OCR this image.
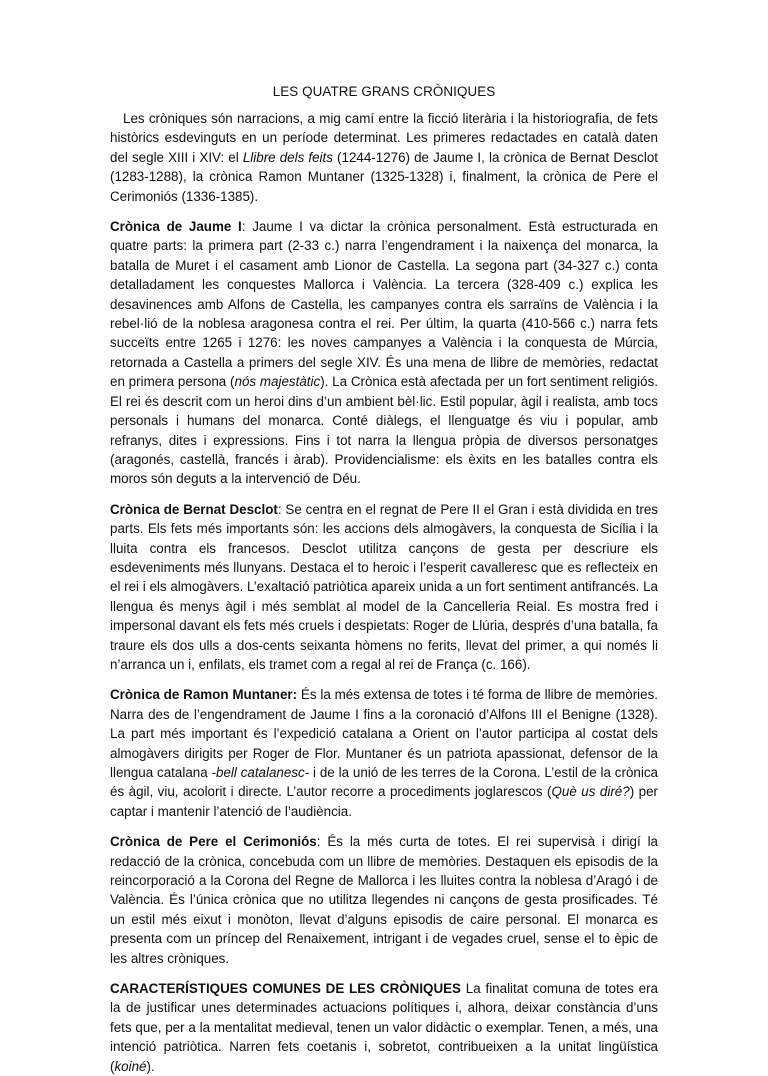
LES QUATRE GRANS CRÒNIQUES

Les cròniques són narracions, a mig camí entre la ficció literària i la historiografia, de fets històrics esdevinguts en un període determinat. Les primeres redactades en català daten del segle XIII i XIV: el Llibre dels feits (1244-1276) de Jaume I, la crònica de Bernat Desclot (1283-1288), la crònica Ramon Muntaner (1325-1328) i, finalment, la crònica de Pere el Cerimoniós (1336-1385).

Crònica de Jaume I: Jaume I va dictar la crònica personalment. Està estructurada en quatre parts: la primera part (2-33 c.) narra l’engendrament i la naixença del monarca, la batalla de Muret i el casament amb Lionor de Castella. La segona part (34-327 c.) conta detalladament les conquestes Mallorca i València. La tercera (328-409 c.) explica les desavinences amb Alfons de Castella, les campanyes contra els sarraïns de València i la rebel·lió de la noblesa aragonesa contra el rei. Per últim, la quarta (410-566 c.) narra fets succeïts entre 1265 i 1276: les noves campanyes a València i la conquesta de Múrcia, retornada a Castella a primers del segle XIV. És una mena de llibre de memòries, redactat en primera persona (nós majestàtic). La Crònica està afectada per un fort sentiment religiós. El rei és descrit com un heroi dins d’un ambient bèl·lic. Estil popular, àgil i realista, amb tocs personals i humans del monarca. Conté diàlegs, el llenguatge és viu i popular, amb refranys, dites i expressions. Fins i tot narra la llengua pròpia de diversos personatges (aragonés, castellà, francés i àrab). Providencialisme: els èxits en les batalles contra els moros són deguts a la intervenció de Déu.

Crònica de Bernat Desclot: Se centra en el regnat de Pere II el Gran i està dividida en tres parts. Els fets més importants són: les accions dels almogàvers, la conquesta de Sicília i la lluita contra els francesos. Desclot utilitza cançons de gesta per descriure els esdeveniments més llunyans. Destaca el to heroic i l’esperit cavalleresc que es reflecteix en el rei i els almogàvers. L’exaltació patriòtica apareix unida a un fort sentiment antifrancés. La llengua és menys àgil i més semblat al model de la Cancelleria Reial. Es mostra fred i impersonal davant els fets més cruels i despietats: Roger de Llúria, després d’una batalla, fa traure els dos ulls a dos-cents seixanta hòmens no ferits, llevat del primer, a qui només li n’arranca un i, enfilats, els tramet com a regal al rei de França (c. 166).

Crònica de Ramon Muntaner: És la més extensa de totes i té forma de llibre de memòries. Narra des de l’engendrament de Jaume I fins a la coronació d’Alfons III el Benigne (1328). La part més important és l’expedició catalana a Orient on l’autor participa al costat dels almogàvers dirigits per Roger de Flor. Muntaner és un patriota apassionat, defensor de la llengua catalana -bell catalanesc- i de la unió de les terres de la Corona. L’estil de la crònica és àgil, viu, acolorit i directe. L’autor recorre a procediments joglarescos (Què us diré?) per captar i mantenir l’atenció de l’audiència.

Crònica de Pere el Cerimoniós: És la més curta de totes. El rei supervisà i dirigí la redacció de la crònica, concebuda com un llibre de memòries. Destaquen els episodis de la reincorporació a la Corona del Regne de Mallorca i les lluites contra la noblesa d’Aragó i de València. És l’única crònica que no utilitza llegendes ni cançons de gesta prosificades. Té un estil més eixut i monòton, llevat d’alguns episodis de caire personal. El monarca es presenta com un príncep del Renaixement, intrigant i de vegades cruel, sense el to èpic de les altres cròniques.

CARACTERÍSTIQUES COMUNES DE LES CRÒNIQUES La finalitat comuna de totes era la de justificar unes determinades actuacions polítiques i, alhora, deixar constància d’uns fets que, per a la mentalitat medieval, tenen un valor didàctic o exemplar. Tenen, a més, una intenció patriòtica. Narren fets coetanis i, sobretot, contribueixen a la unitat lingüística (koiné).
